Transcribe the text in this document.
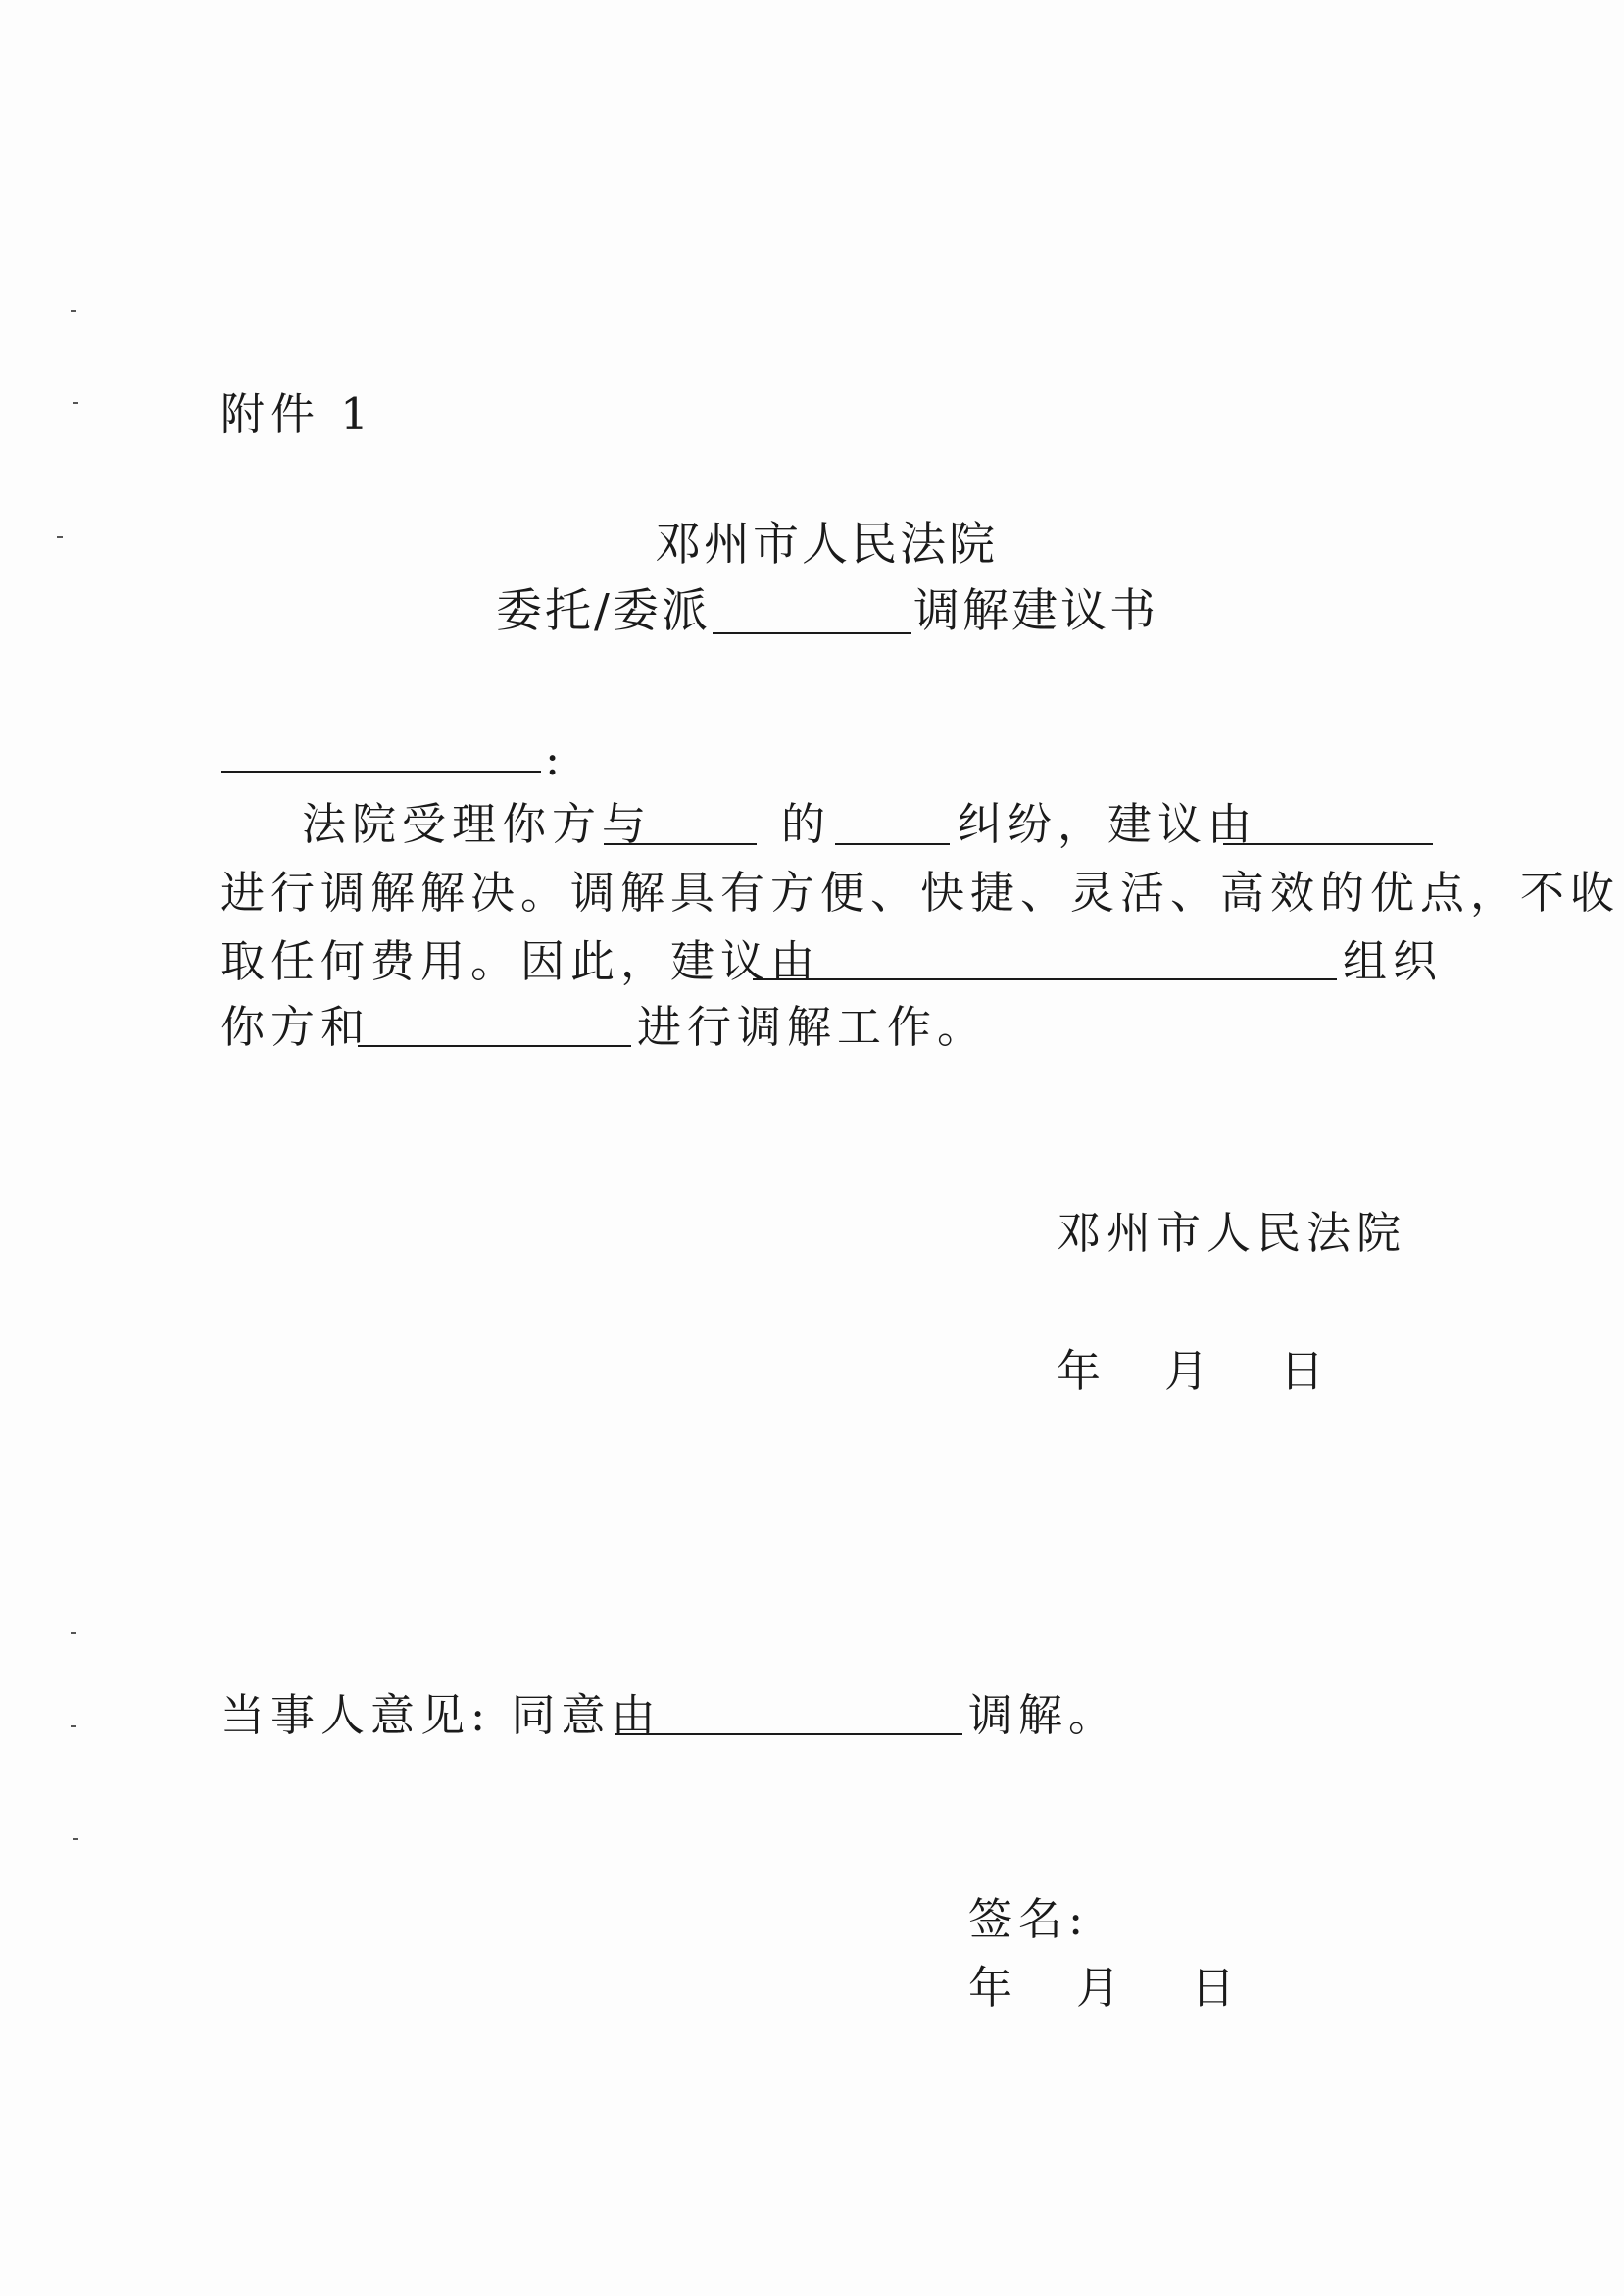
附件 1
邓州市人民法院
委托/委派	调解建议书
:
法院受理你方与	的	纠纷，建议由
进行调解解决。调解具有方便、快捷、灵活、高效的优点，不收
取任何费用。因此，建议由	组织
你方和	进行调解工作。
邓州市人民法院
年 月 日
当事人意见: 同意由	调解。
签名:
年 月 日
